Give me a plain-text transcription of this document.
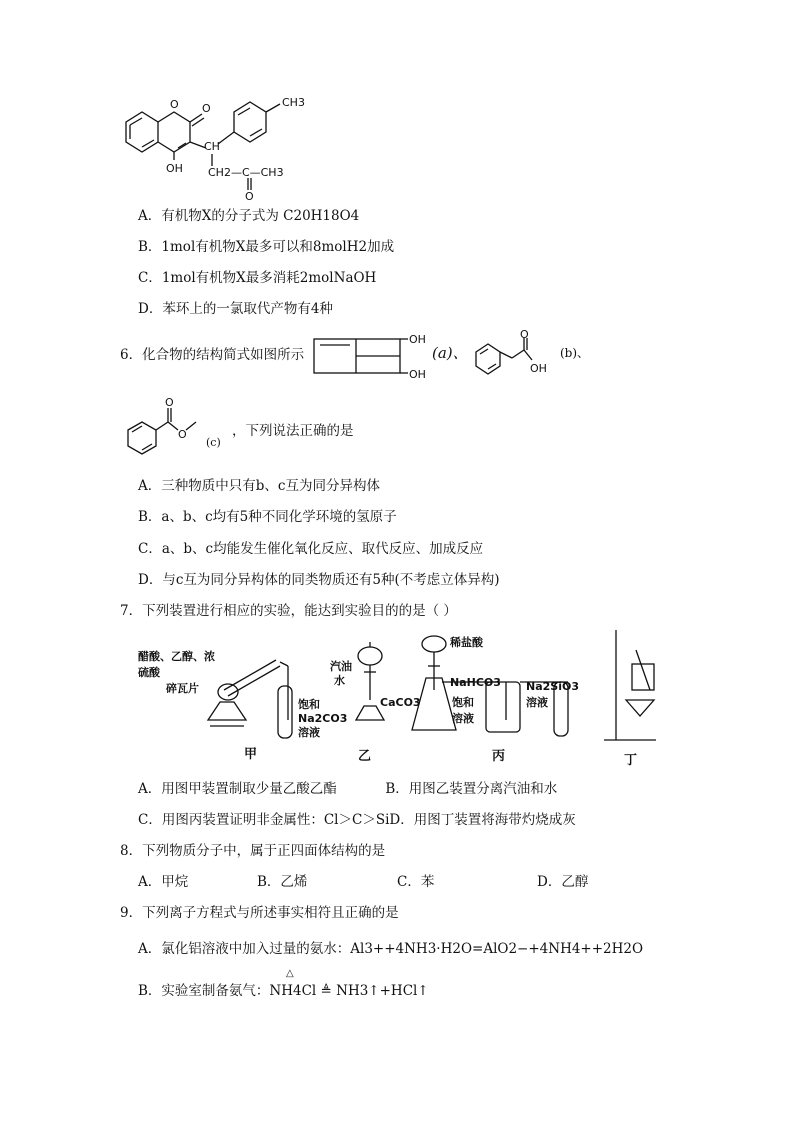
O O	CH3
OH
CH
CH2—C—CH3
O
A．有机物X的分子式为 C20H18O4
B．1mol有机物X最多可以和8molH2加成
C．1mol有机物X最多消耗2molNaOH
D．苯环上的一氯取代产物有4种
6．化合物的结构简式如图所示
OH
OH
(a)、
O
OH
(b)、
O
O
(c)
，下列说法正确的是
A．三种物质中只有b、c互为同分异构体
B．a、b、c均有5种不同化学环境的氢原子
C．a、b、c均能发生催化氧化反应、取代反应、加成反应
D．与c互为同分异构体的同类物质还有5种(不考虑立体异构)
7．下列装置进行相应的实验，能达到实验目的的是（ ）
醋酸、乙醇、浓
硫酸
碎瓦片
饱和
Na2CO3
溶液
甲
汽油
水
乙
稀盐酸
CaCO3
NaHCO3
饱和
溶液
Na2SiO3
溶液
丙	丁
A．用图甲装置制取少量乙酸乙酯	B．用图乙装置分离汽油和水
C．用图丙装置证明非金属性：Cl＞C＞SiD．用图丁装置将海带灼烧成灰
8．下列物质分子中，属于正四面体结构的是
A．甲烷	B．乙烯	C．苯	D．乙醇
9．下列离子方程式与所述事实相符且正确的是
A．氯化铝溶液中加入过量的氨水：Al3++4NH3·H2O=AlO2−+4NH4++2H2O
B．实验室制备氨气：NH4Cl ≜ NH3↑+HCl↑
△
